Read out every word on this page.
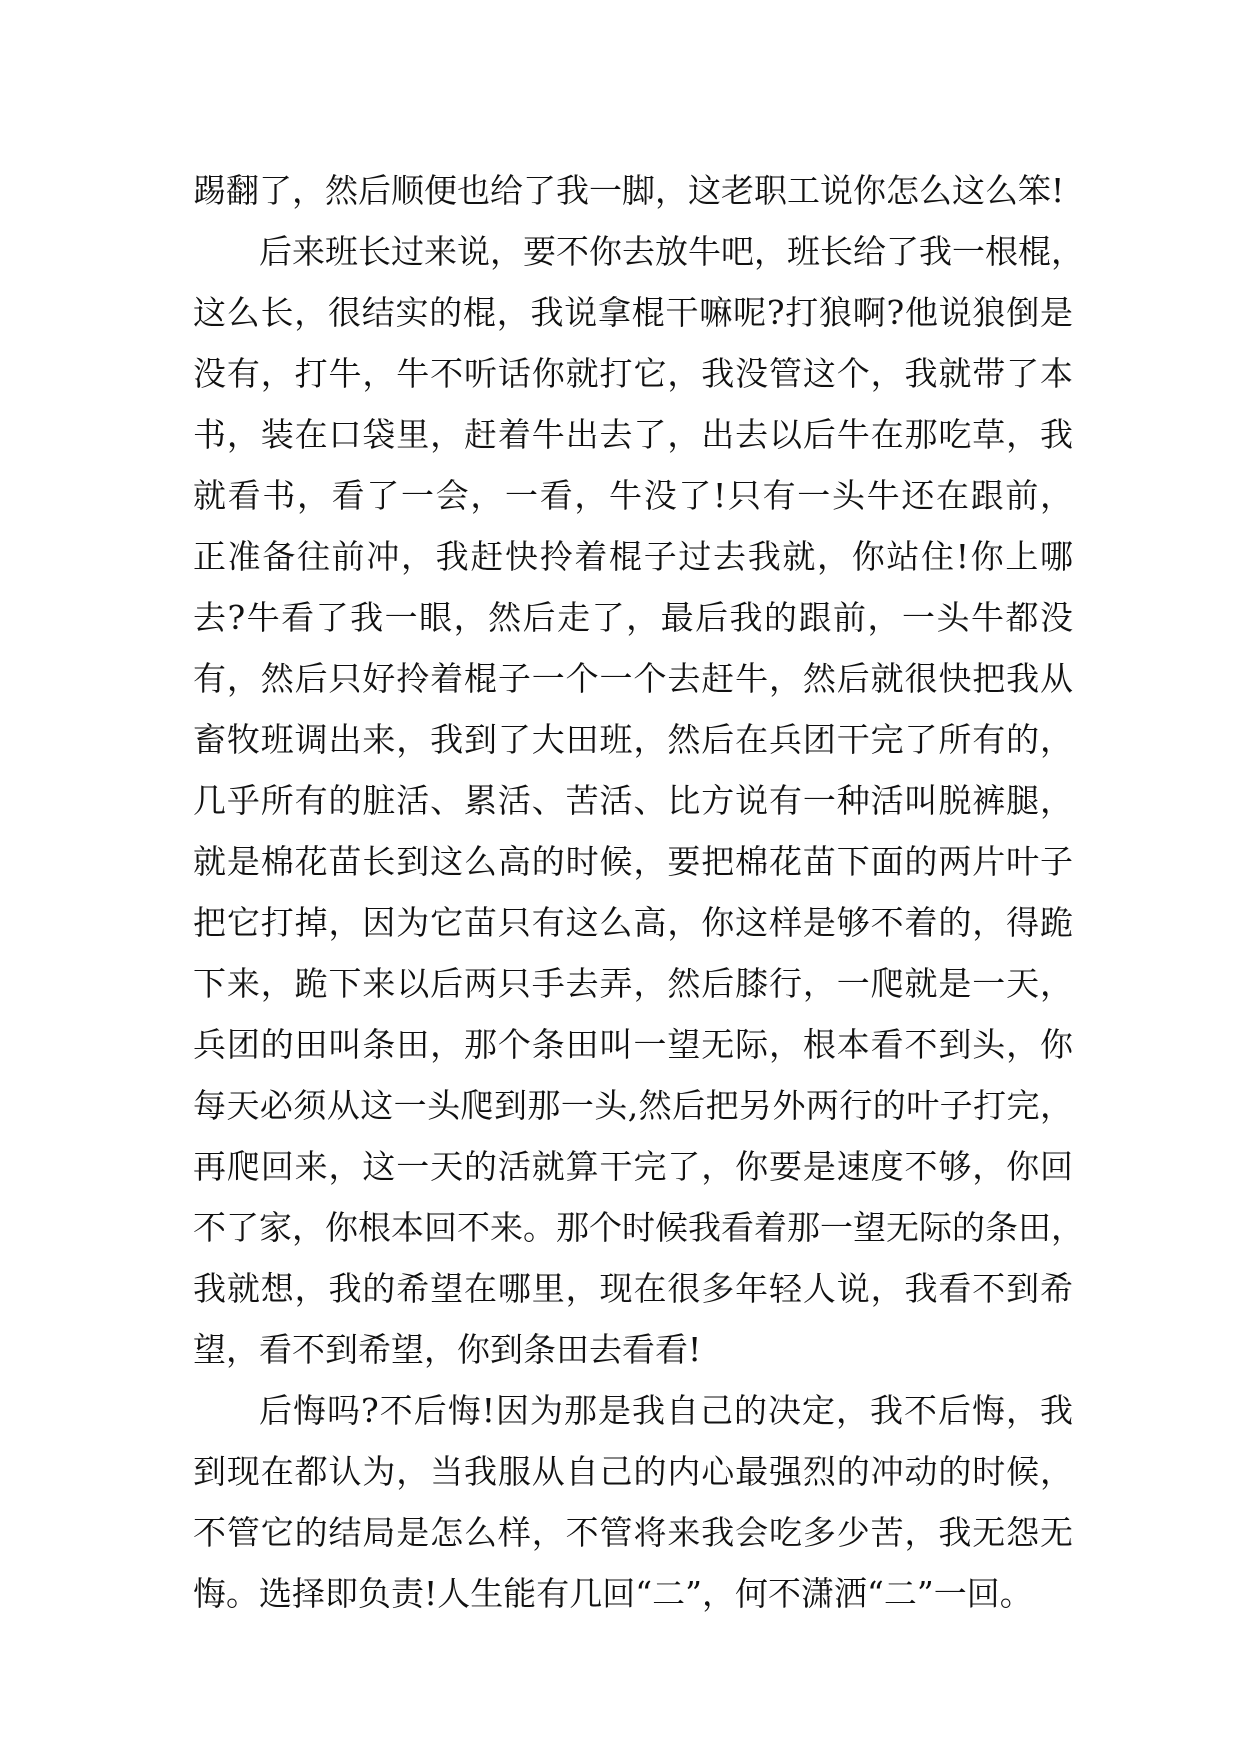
踢翻了，然后顺便也给了我一脚，这老职工说你怎么这么笨!
后来班长过来说，要不你去放牛吧，班长给了我一根棍，
这么长，很结实的棍，我说拿棍干嘛呢?打狼啊?他说狼倒是
没有，打牛，牛不听话你就打它，我没管这个，我就带了本
书，装在口袋里，赶着牛出去了，出去以后牛在那吃草，我
就看书，看了一会，一看，牛没了!只有一头牛还在跟前，
正准备往前冲，我赶快拎着棍子过去我就，你站住!你上哪
去?牛看了我一眼，然后走了，最后我的跟前，一头牛都没
有，然后只好拎着棍子一个一个去赶牛，然后就很快把我从
畜牧班调出来，我到了大田班，然后在兵团干完了所有的，
几乎所有的脏活、累活、苦活、比方说有一种活叫脱裤腿，
就是棉花苗长到这么高的时候，要把棉花苗下面的两片叶子
把它打掉，因为它苗只有这么高，你这样是够不着的，得跪
下来，跪下来以后两只手去弄，然后膝行，一爬就是一天，
兵团的田叫条田，那个条田叫一望无际，根本看不到头，你
每天必须从这一头爬到那一头,然后把另外两行的叶子打完，
再爬回来，这一天的活就算干完了，你要是速度不够，你回
不了家，你根本回不来。那个时候我看着那一望无际的条田，
我就想，我的希望在哪里，现在很多年轻人说，我看不到希
望，看不到希望，你到条田去看看!
后悔吗?不后悔!因为那是我自己的决定，我不后悔，我
到现在都认为，当我服从自己的内心最强烈的冲动的时候，
不管它的结局是怎么样，不管将来我会吃多少苦，我无怨无
悔。选择即负责!人生能有几回“二”，何不潇洒“二”一回。
